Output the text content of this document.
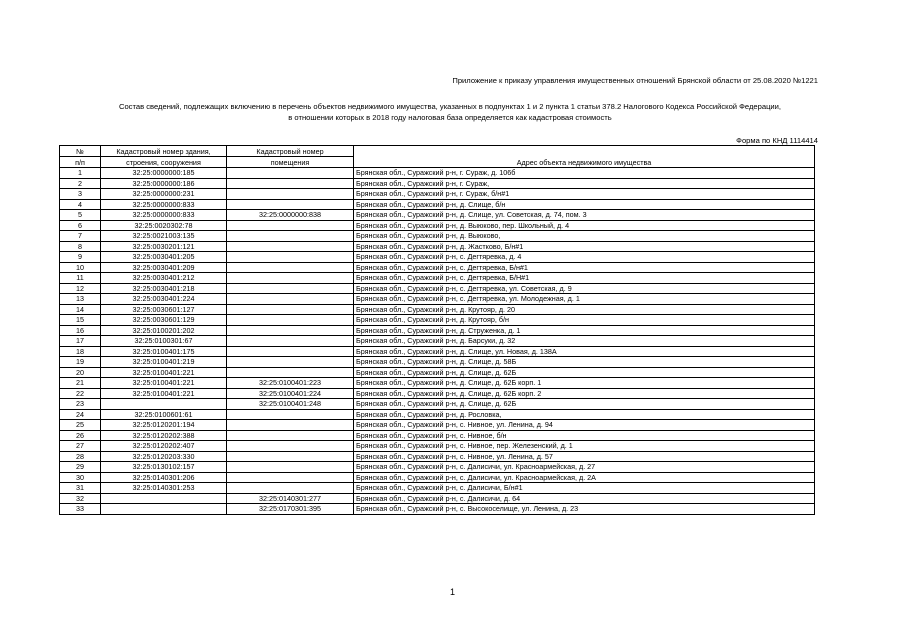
Приложение к приказу управления имущественных отношений Брянской области от 25.08.2020 №1221
Состав сведений, подлежащих включению в перечень объектов недвижимого имущества, указанных в подпунктах 1 и 2 пункта 1 статьи 378.2 Налогового Кодекса Российской Федерации,
в отношении которых в 2018 году налоговая база определяется как кадастровая стоимость
Форма по КНД 1114414
№	Кадастровый номер здания,	Кадастровый номер	Адрес объекта недвижимого имущества
п/п	строения, сооружения	помещения	
1	32:25:0000000:185		Брянская обл., Суражский р-н, г. Сураж, д. 106б
2	32:25:0000000:186		Брянская обл., Суражский р-н, г. Сураж,
3	32:25:0000000:231		Брянская обл., Суражский р-н, г. Сураж, б/н#1
4	32:25:0000000:833		Брянская обл., Суражский р-н, д. Слище, б/н
5	32:25:0000000:833	32:25:0000000:838	Брянская обл., Суражский р-н, д. Слище, ул. Советская, д. 74, пом. 3
6	32:25:0020302:78		Брянская обл., Суражский р-н, д. Выюково, пер. Школьный, д. 4
7	32:25:0021003:135		Брянская обл., Суражский р-н, д. Выюково,
8	32:25:0030201:121		Брянская обл., Суражский р-н, д. Жастково, Б/н#1
9	32:25:0030401:205		Брянская обл., Суражский р-н, с. Дегтяревка, д. 4
10	32:25:0030401:209		Брянская обл., Суражский р-н, с. Дегтяревка, Б/н#1
11	32:25:0030401:212		Брянская обл., Суражский р-н, с. Дегтяревка, Б/Н#1
12	32:25:0030401:218		Брянская обл., Суражский р-н, с. Дегтяревка, ул. Советская, д. 9
13	32:25:0030401:224		Брянская обл., Суражский р-н, с. Дегтяревка, ул. Молодежная, д. 1
14	32:25:0030601:127		Брянская обл., Суражский р-н, д. Крутояр, д. 20
15	32:25:0030601:129		Брянская обл., Суражский р-н, д. Крутояр, б/н
16	32:25:0100201:202		Брянская обл., Суражский р-н, д. Струженка, д. 1
17	32:25:0100301:67		Брянская обл., Суражский р-н, д. Барсуки, д. 32
18	32:25:0100401:175		Брянская обл., Суражский р-н, д. Слище, ул. Новая, д. 138А
19	32:25:0100401:219		Брянская обл., Суражский р-н, д. Слище, д. 58Б
20	32:25:0100401:221		Брянская обл., Суражский р-н, д. Слище, д. 62Б
21	32:25:0100401:221	32:25:0100401:223	Брянская обл., Суражский р-н, д. Слище, д. 62Б корп. 1
22	32:25:0100401:221	32:25:0100401:224	Брянская обл., Суражский р-н, д. Слище, д. 62Б корп. 2
23		32:25:0100401:248	Брянская обл., Суражский р-н, д. Слище, д. 62Б
24	32:25:0100601:61		Брянская обл., Суражский р-н, д. Рословка,
25	32:25:0120201:194		Брянская обл., Суражский р-н, с. Нивное, ул. Ленина, д. 94
26	32:25:0120202:388		Брянская обл., Суражский р-н, с. Нивное, б/н
27	32:25:0120202:407		Брянская обл., Суражский р-н, с. Нивное, пер. Железенский, д. 1
28	32:25:0120203:330		Брянская обл., Суражский р-н, с. Нивное, ул. Ленина, д. 57
29	32:25:0130102:157		Брянская обл., Суражский р-н, с. Далисичи, ул. Красноармейская, д. 27
30	32:25:0140301:206		Брянская обл., Суражский р-н, с. Далисичи, ул. Красноармейская, д. 2А
31	32:25:0140301:253		Брянская обл., Суражский р-н, с. Далисичи, Б/н#1
32		32:25:0140301:277	Брянская обл., Суражский р-н, с. Далисичи, д. 64
33		32:25:0170301:395	Брянская обл., Суражский р-н, с. Высокоселище, ул. Ленина, д. 23
1
